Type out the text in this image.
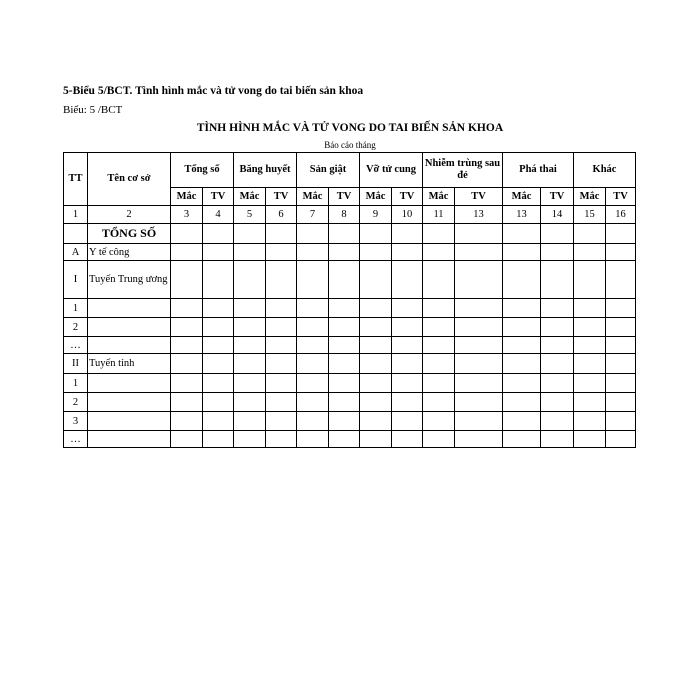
5-Biểu 5/BCT. Tình hình mắc và tử vong do tai biến sản khoa
Biểu: 5 /BCT
TÌNH HÌNH MẮC VÀ TỬ VONG DO TAI BIẾN SẢN KHOA
Báo cáo tháng
TT	Tên cơ sở	Tổng số		Băng huyết		Sản giật		Vỡ tử cung		Nhiễm trùng sau đẻ		Phá thai		Khác	
		Mắc	TV	Mắc	TV	Mắc	TV	Mắc	TV	Mắc	TV	Mắc	TV	Mắc	TV
1	2	3	4	5	6	7	8	9	10	11	13	13	14	15	16
	TỔNG SỐ														
A	Y tế công														
I	Tuyến Trung ương														
1															
2															
…															
II	Tuyến tỉnh														
1															
2															
3															
…															
